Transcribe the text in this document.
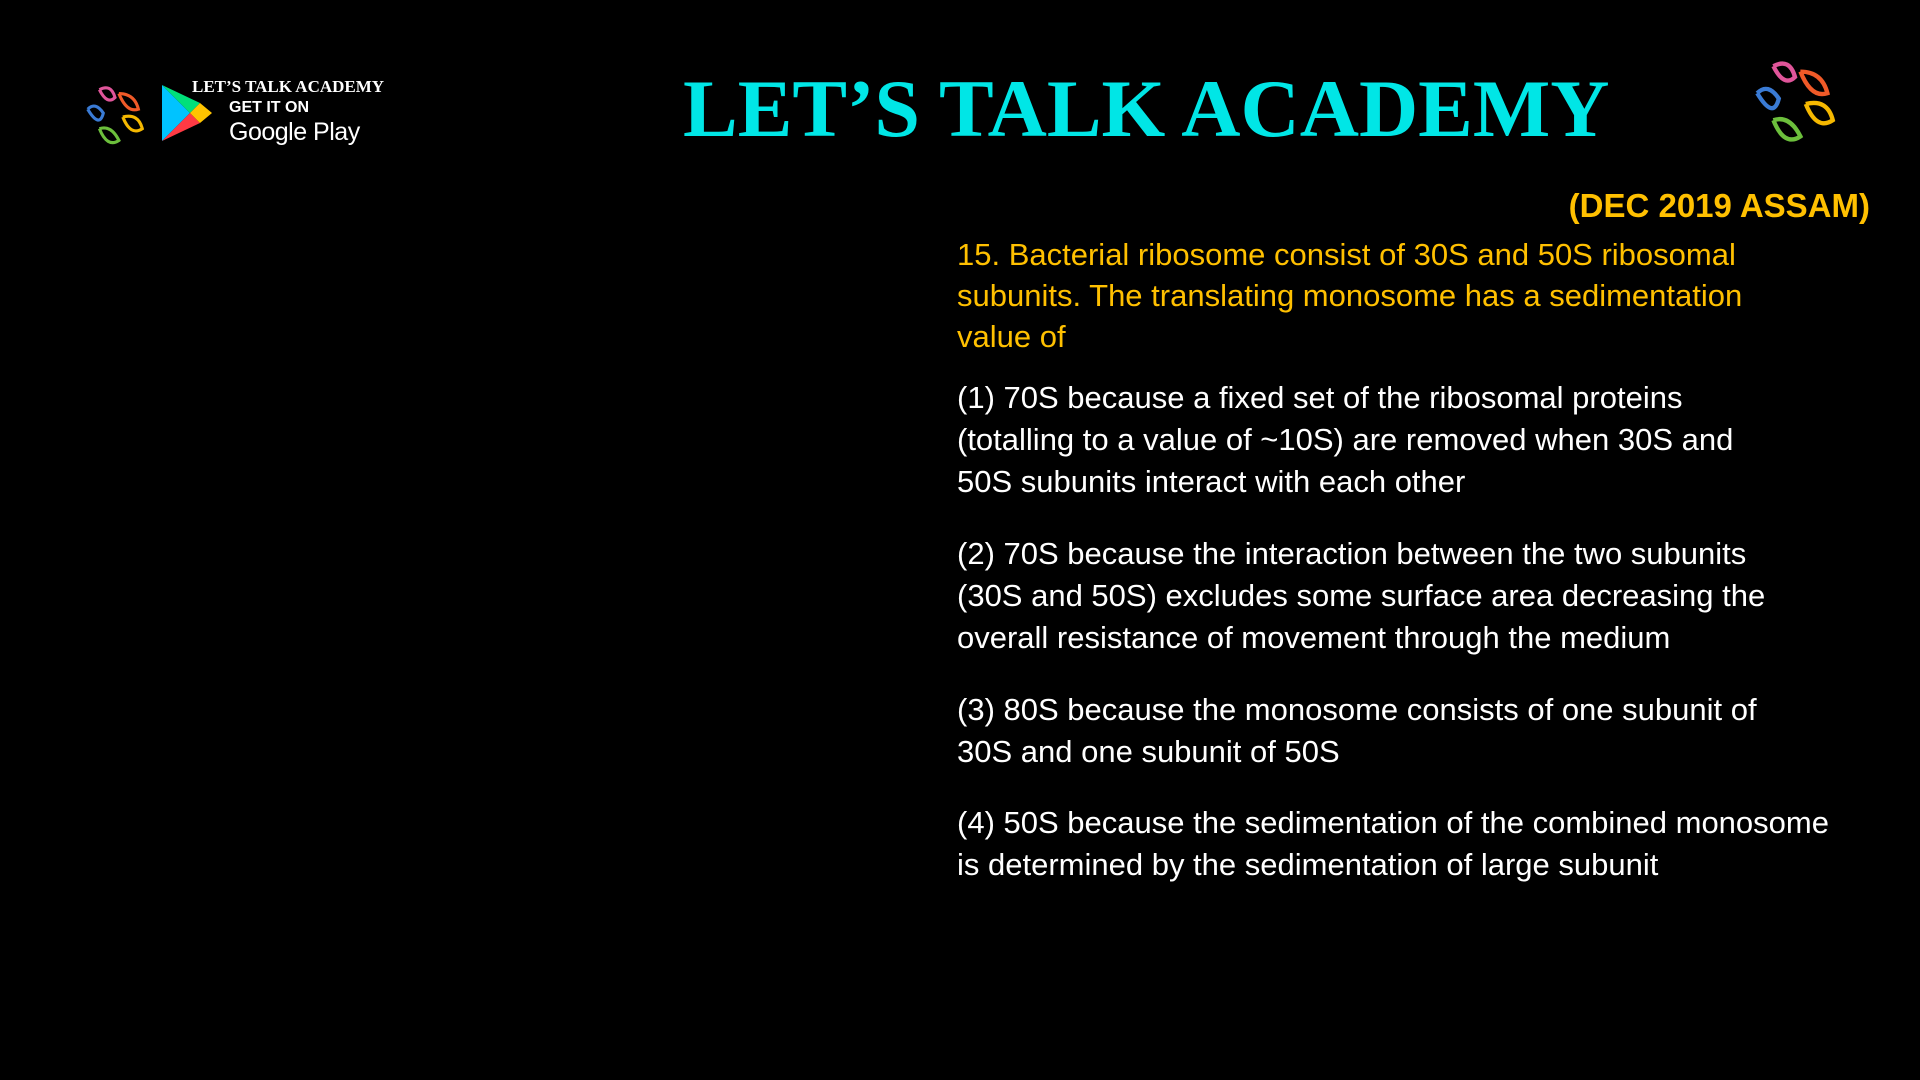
LET’S TALK ACADEMY
GET IT ON
Google Play	LET’S TALK ACADEMY
(DEC 2019 ASSAM)
15. Bacterial ribosome consist of 30S and 50S ribosomal
subunits. The translating monosome has a sedimentation
value of
(1) 70S because a fixed set of the ribosomal proteins
(totalling to a value of ~10S) are removed when 30S and
50S subunits interact with each other
(2) 70S because the interaction between the two subunits
(30S and 50S) excludes some surface area decreasing the
overall resistance of movement through the medium
(3) 80S because the monosome consists of one subunit of
30S and one subunit of 50S
(4) 50S because the sedimentation of the combined monosome
is determined by the sedimentation of large subunit
